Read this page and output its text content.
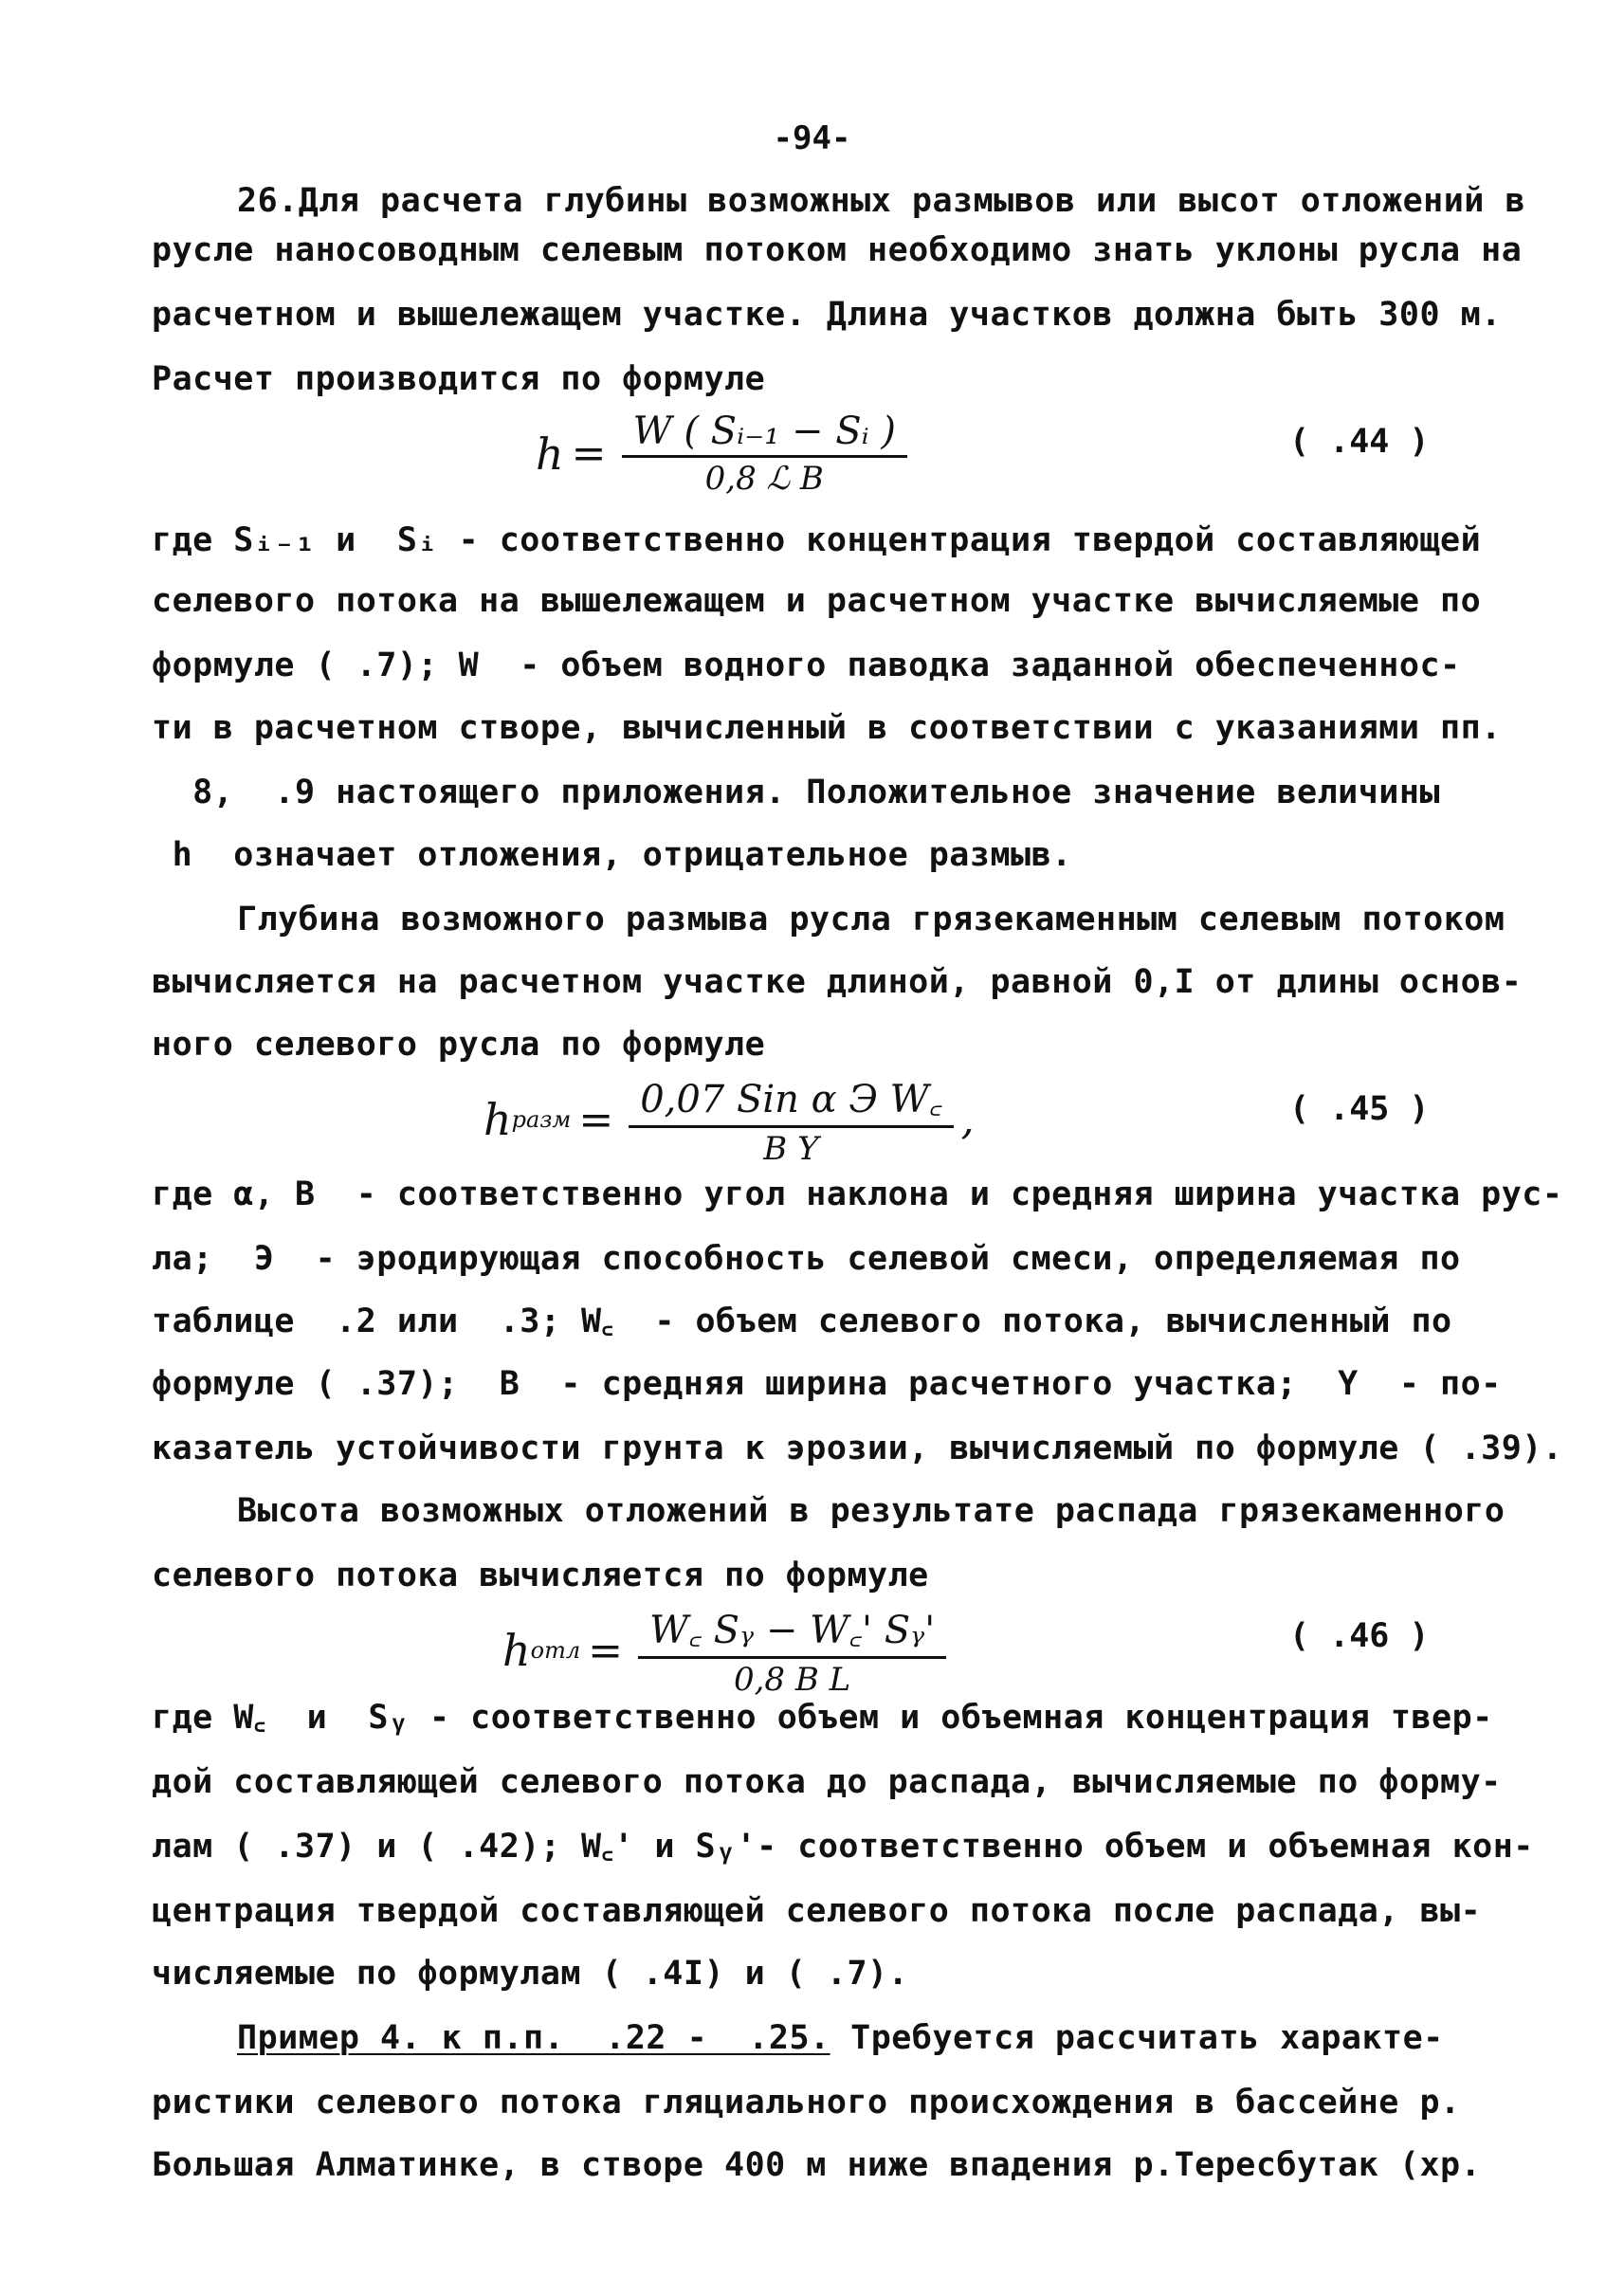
-94-
26.Для расчета глубины возможных размывов или высот отложений в
русле наносоводным селевым потоком необходимо знать уклоны русла на
расчетном и вышележащем участке. Длина участков должна быть 300 м.
Расчет производится по формуле
$h = \frac{\text{W ( Sᵢ₋₁ − Sᵢ )}}{\text{0,8 ℒ B}}$	( .44 )
где Sᵢ₋₁ и  Sᵢ - соответственно концентрация твердой составляющей
селевого потока на вышележащем и расчетном участке вычисляемые по
формуле ( .7); W  - объем водного паводка заданной обеспеченнос-
ти в расчетном створе, вычисленный в соответствии с указаниями пп.
8,  .9 настоящего приложения. Положительное значение величины
h  означает отложения, отрицательное размыв.
Глубина возможного размыва русла грязекаменным селевым потоком
вычисляется на расчетном участке длиной, равной 0,I от длины основ-
ного селевого русла по формуле
h разм = $\frac{\text{0,07 Sin α Э W꜀}}{\text{B Y}}$ ,	( .45 )
где α, B  - соответственно угол наклона и средняя ширина участка рус-
ла;  Э  - эродирующая способность селевой смеси, определяемая по
таблице  .2 или  .3; W꜀  - объем селевого потока, вычисленный по
формуле ( .37);  B  - средняя ширина расчетного участка;  Y  - по-
казатель устойчивости грунта к эрозии, вычисляемый по формуле ( .39).
Высота возможных отложений в результате распада грязекаменного
селевого потока вычисляется по формуле
h отл = $\frac{\text{W꜀ Sᵧ − W꜀' Sᵧ'}}{\text{0,8 B L}}$	( .46 )
где W꜀  и  Sᵧ - соответственно объем и объемная концентрация твер-
дой составляющей селевого потока до распада, вычисляемые по форму-
лам ( .37) и ( .42); W꜀' и Sᵧ'- соответственно объем и объемная кон-
центрация твердой составляющей селевого потока после распада, вы-
числяемые по формулам ( .4I) и ( .7).
Пример 4. к п.п.  .22 -  .25. Требуется рассчитать характе-
ристики селевого потока гляциального происхождения в бассейне р.
Большая Алматинке, в створе 400 м ниже впадения р.Тересбутак (хр.
